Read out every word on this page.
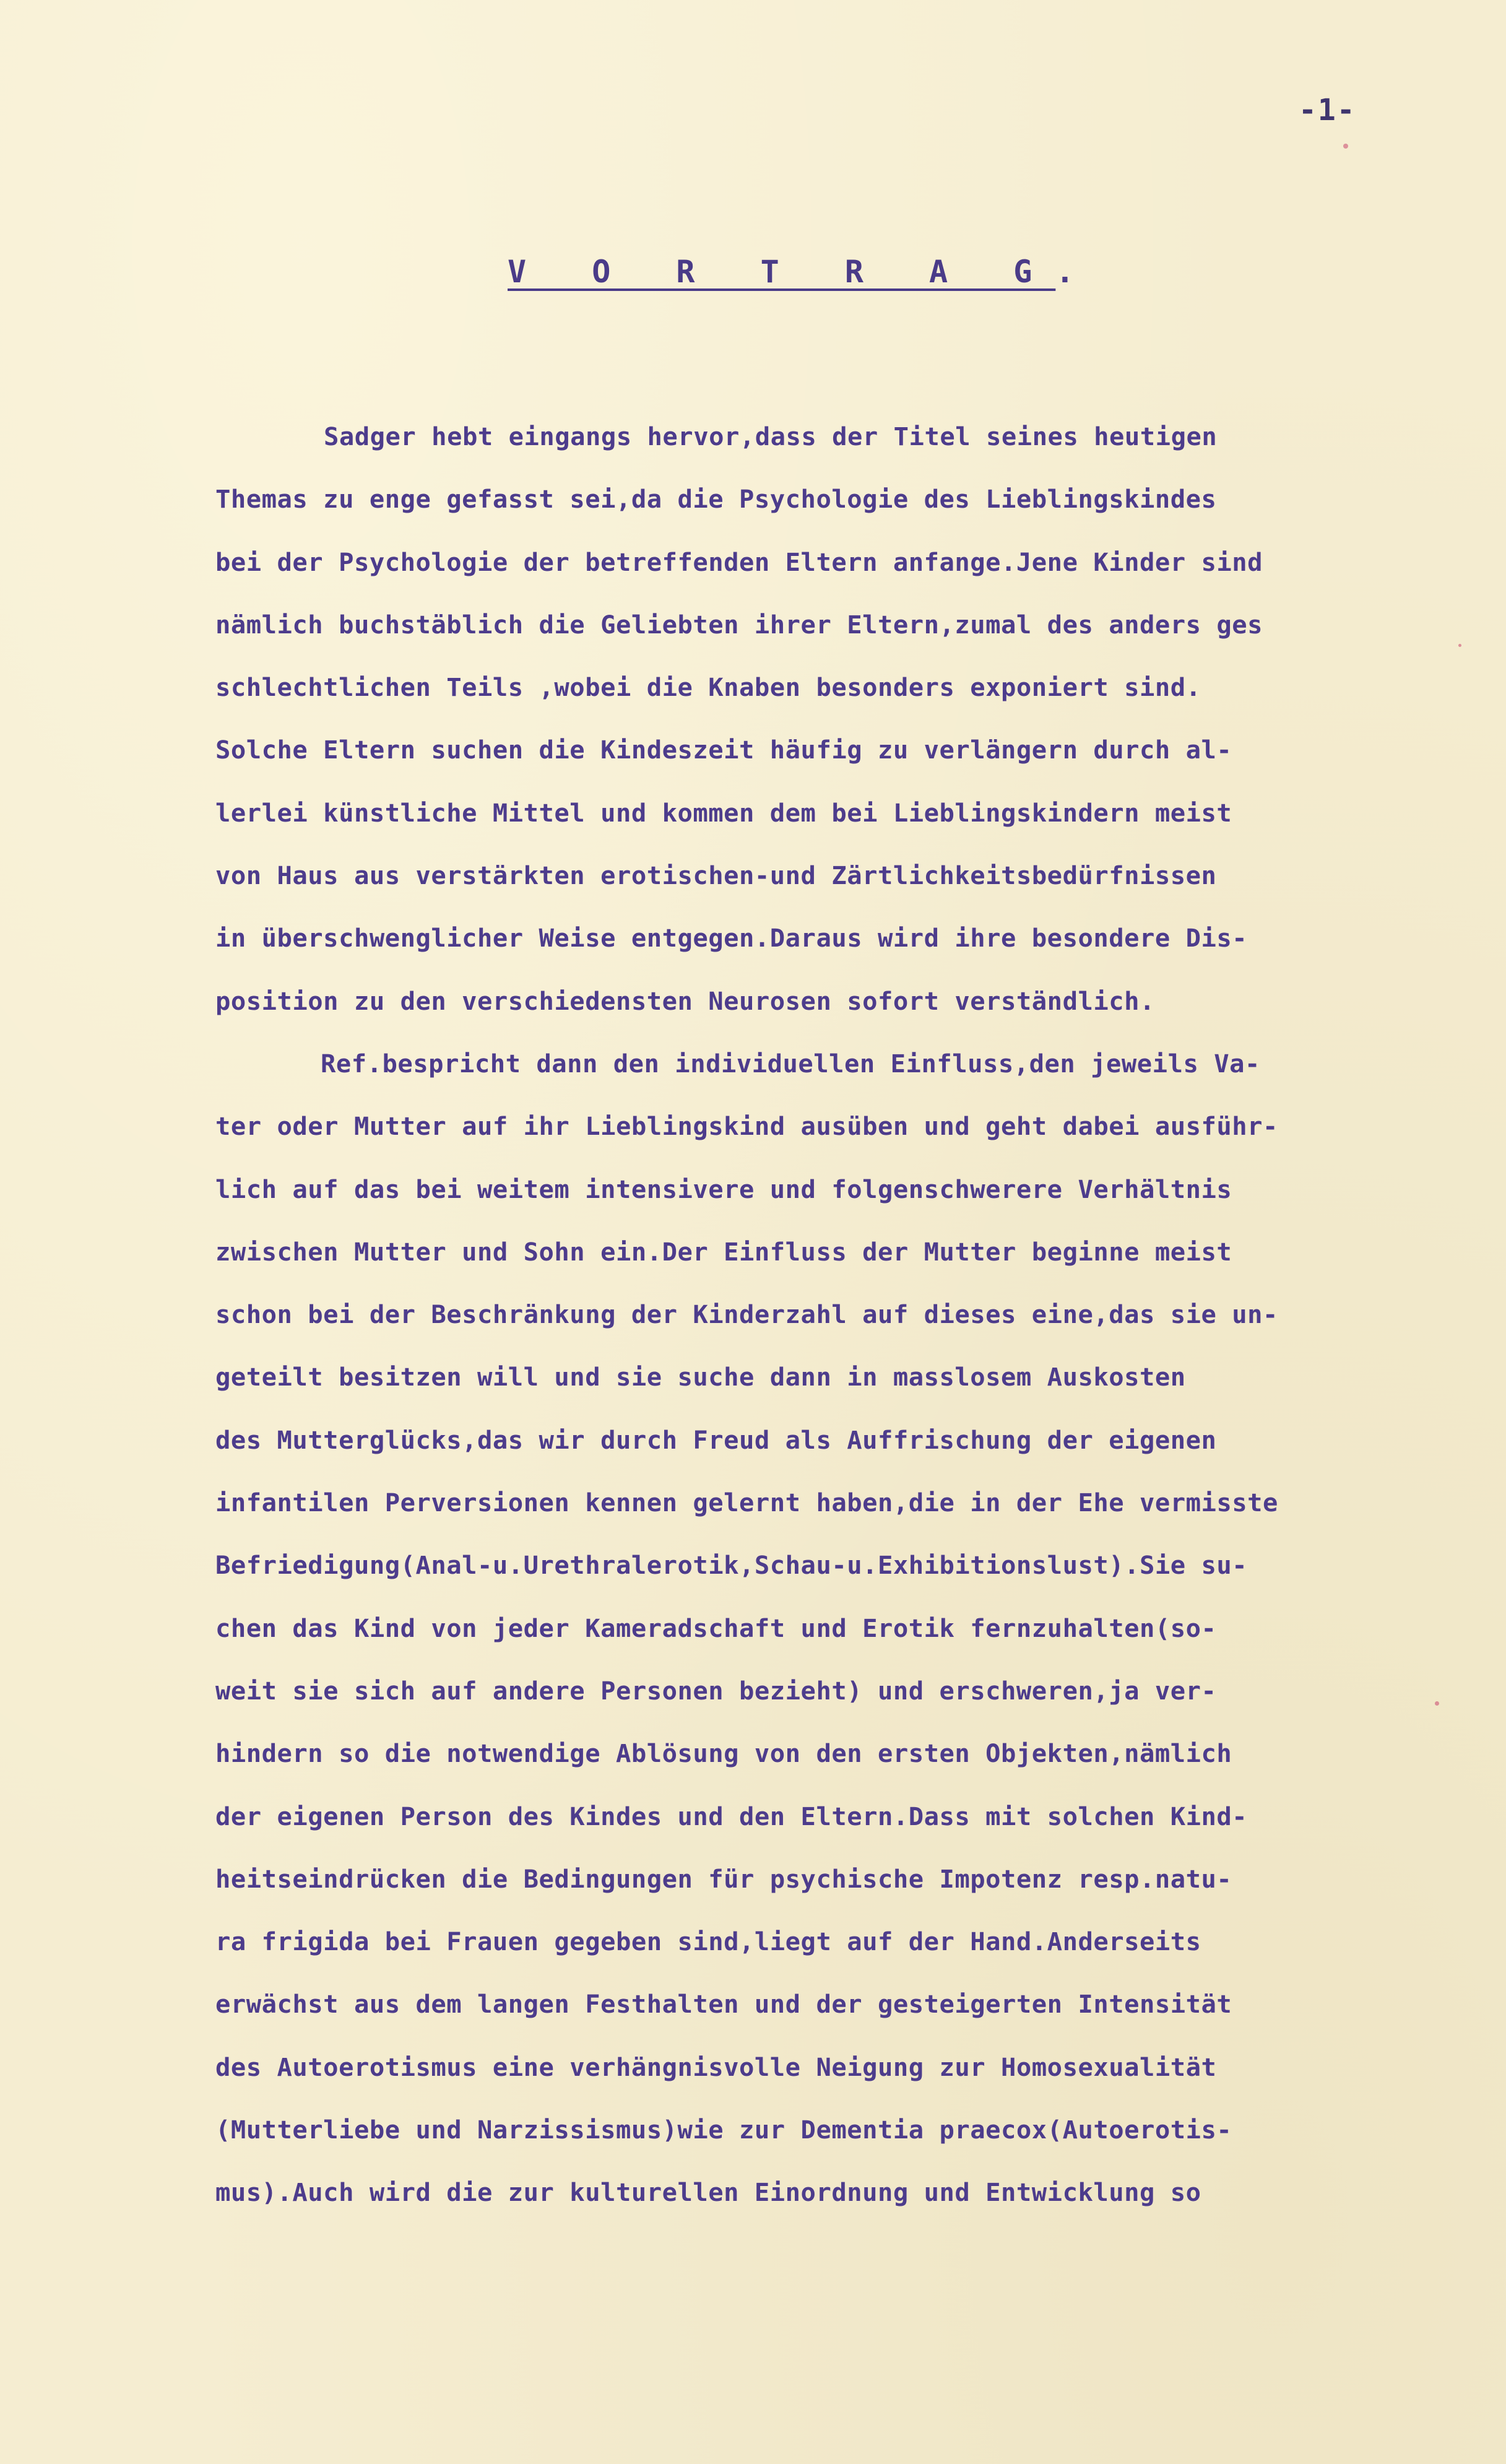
-1-
V O R T R A G.
Sadger hebt eingangs hervor,dass der Titel seines heutigen
Themas zu enge gefasst sei,da die Psychologie des Lieblingskindes
bei der Psychologie der betreffenden Eltern anfange.Jene Kinder sind
nämlich buchstäblich die Geliebten ihrer Eltern,zumal des anders ges
schlechtlichen Teils ,wobei die Knaben besonders exponiert sind.
Solche Eltern suchen die Kindeszeit häufig zu verlängern durch al-
lerlei künstliche Mittel und kommen dem bei Lieblingskindern meist
von Haus aus verstärkten erotischen-und Zärtlichkeitsbedürfnissen
in überschwenglicher Weise entgegen.Daraus wird ihre besondere Dis-
position zu den verschiedensten Neurosen sofort verständlich.
Ref.bespricht dann den individuellen Einfluss,den jeweils Va-
ter oder Mutter auf ihr Lieblingskind ausüben und geht dabei ausführ-
lich auf das bei weitem intensivere und folgenschwerere Verhältnis
zwischen Mutter und Sohn ein.Der Einfluss der Mutter beginne meist
schon bei der Beschränkung der Kinderzahl auf dieses eine,das sie un-
geteilt besitzen will und sie suche dann in masslosem Auskosten
des Mutterglücks,das wir durch Freud als Auffrischung der eigenen
infantilen Perversionen kennen gelernt haben,die in der Ehe vermisste
Befriedigung(Anal-u.Urethralerotik,Schau-u.Exhibitionslust).Sie su-
chen das Kind von jeder Kameradschaft und Erotik fernzuhalten(so-
weit sie sich auf andere Personen bezieht) und erschweren,ja ver-
hindern so die notwendige Ablösung von den ersten Objekten,nämlich
der eigenen Person des Kindes und den Eltern.Dass mit solchen Kind-
heitseindrücken die Bedingungen für psychische Impotenz resp.natu-
ra frigida bei Frauen gegeben sind,liegt auf der Hand.Anderseits
erwächst aus dem langen Festhalten und der gesteigerten Intensität
des Autoerotismus eine verhängnisvolle Neigung zur Homosexualität
(Mutterliebe und Narzissismus)wie zur Dementia praecox(Autoerotis-
mus).Auch wird die zur kulturellen Einordnung und Entwicklung so
